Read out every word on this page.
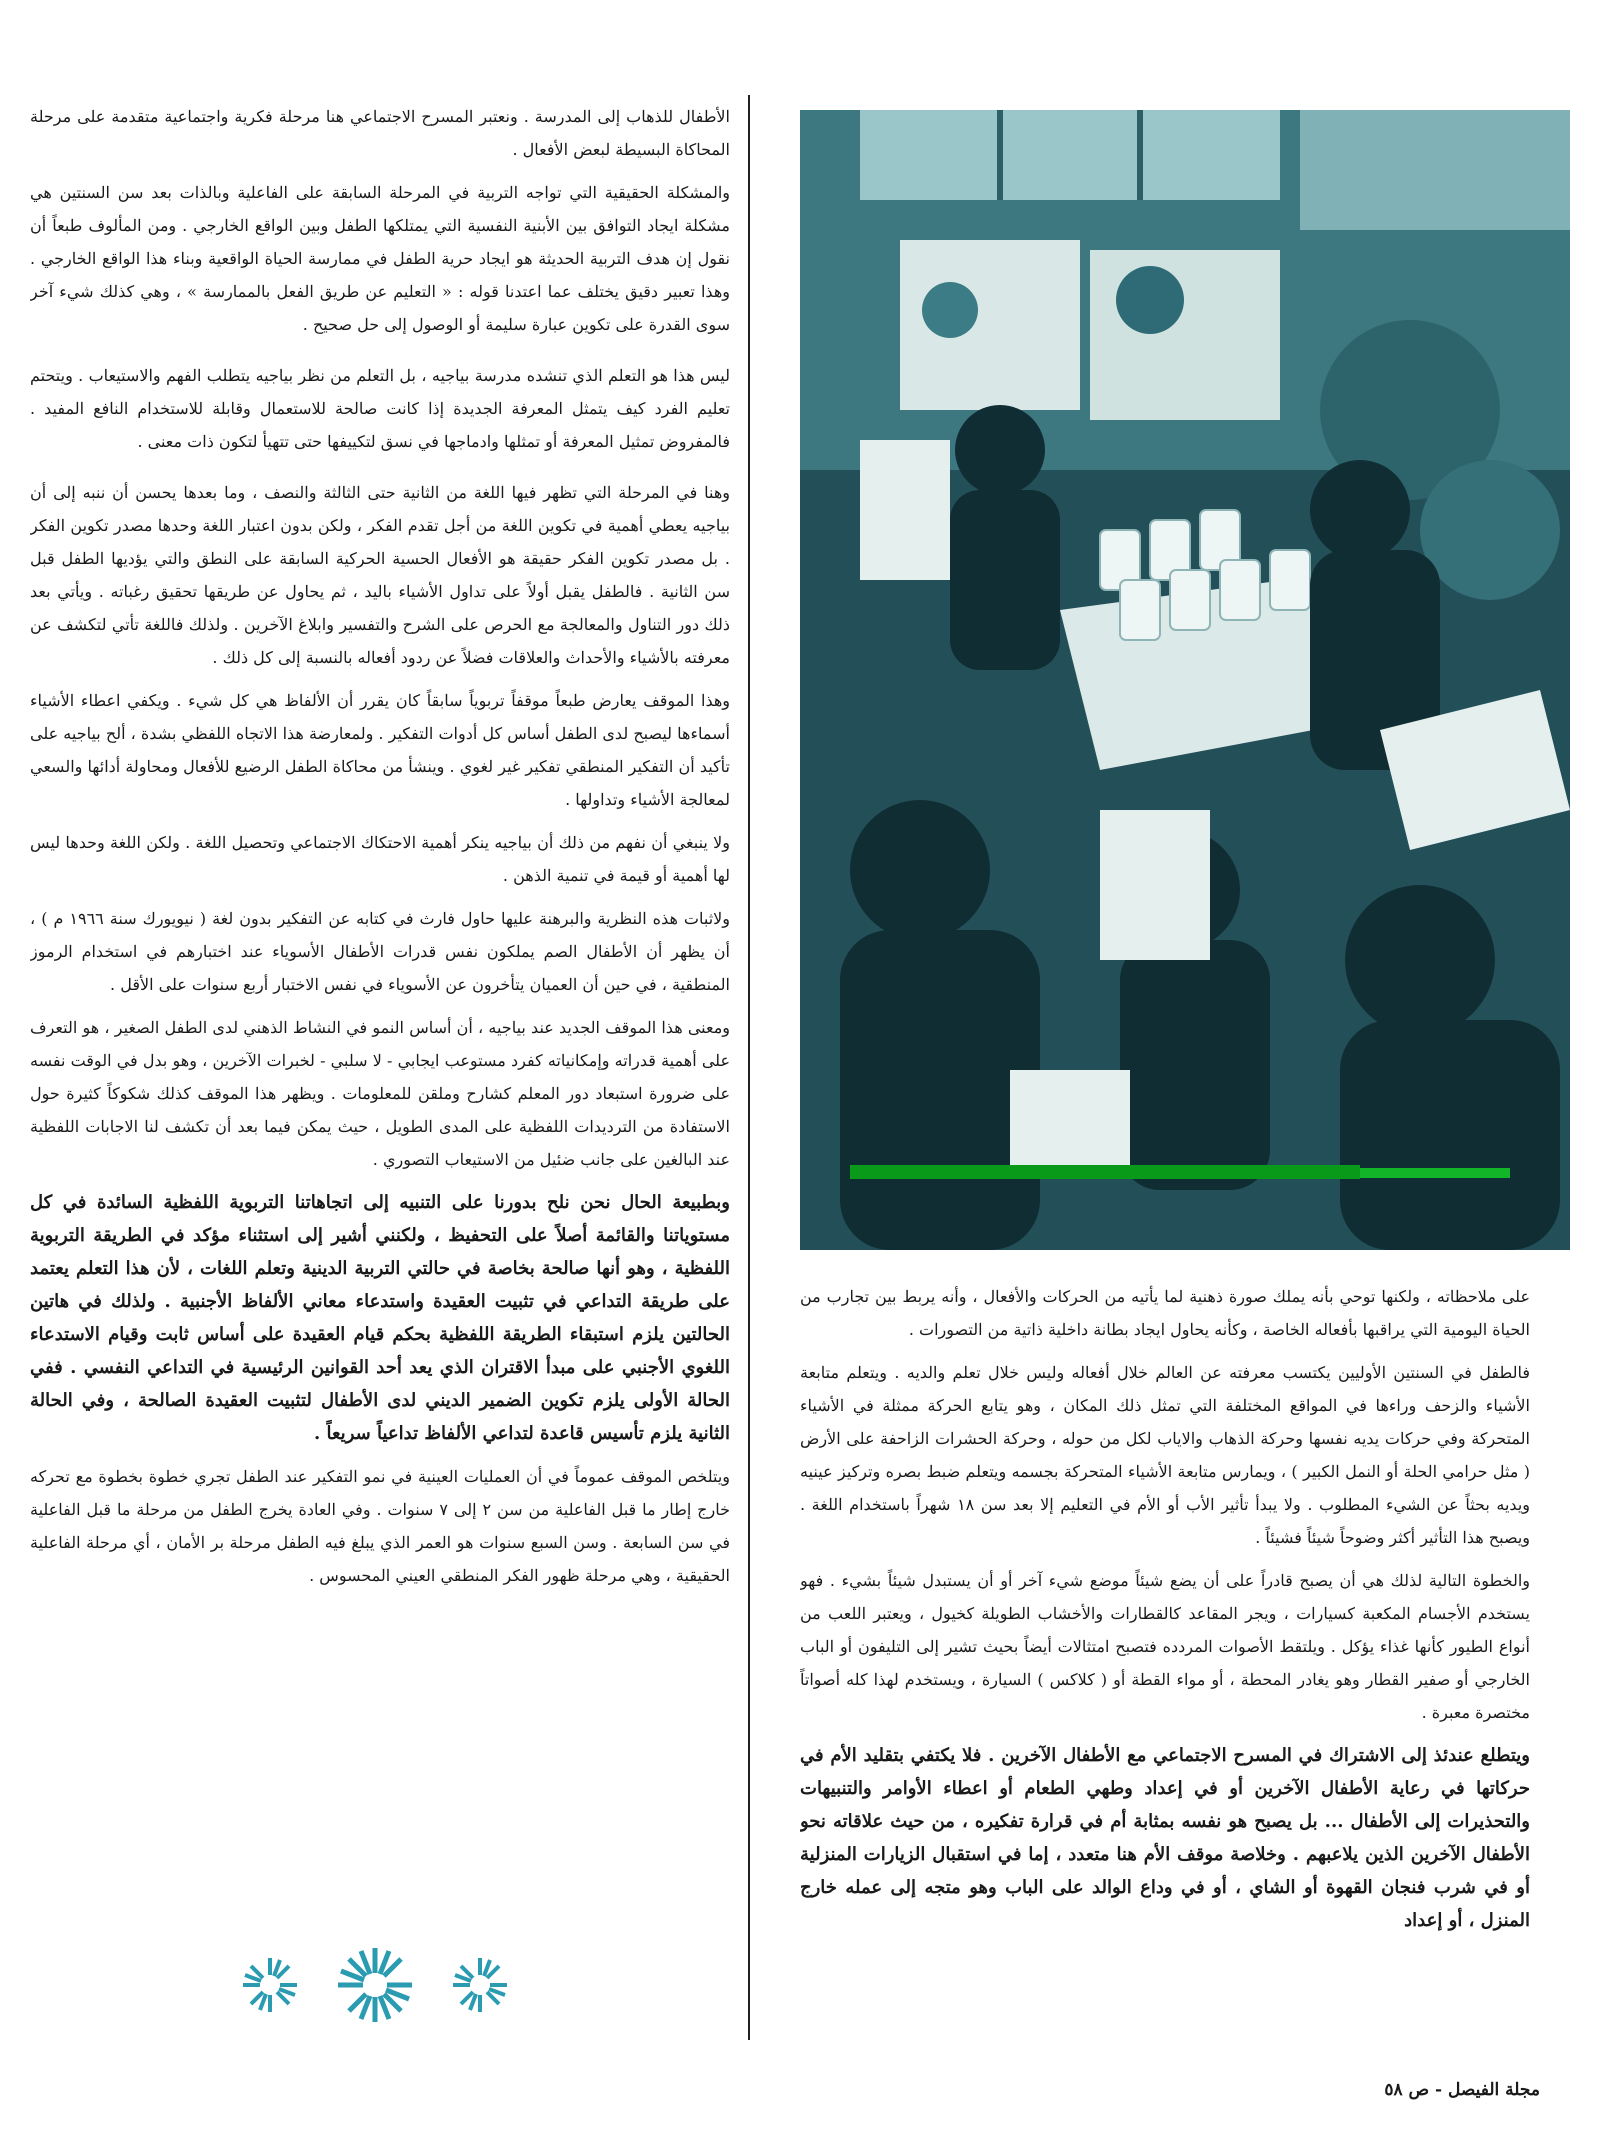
الأطفال للذهاب إلى المدرسة . ونعتبر المسرح الاجتماعي هنا مرحلة فكرية واجتماعية متقدمة على مرحلة المحاكاة البسيطة لبعض الأفعال .

والمشكلة الحقيقية التي تواجه التربية في المرحلة السابقة على الفاعلية وبالذات بعد سن السنتين هي مشكلة ايجاد التوافق بين الأبنية النفسية التي يمتلكها الطفل وبين الواقع الخارجي . ومن المألوف طبعاً أن نقول إن هدف التربية الحديثة هو ايجاد حرية الطفل في ممارسة الحياة الواقعية وبناء هذا الواقع الخارجي . وهذا تعبير دقيق يختلف عما اعتدنا قوله : « التعليم عن طريق الفعل بالممارسة » ، وهي كذلك شيء آخر سوى القدرة على تكوين عبارة سليمة أو الوصول إلى حل صحيح .

ليس هذا هو التعلم الذي تنشده مدرسة بياجيه ، بل التعلم من نظر بياجيه يتطلب الفهم والاستيعاب . ويتحتم تعليم الفرد كيف يتمثل المعرفة الجديدة إذا كانت صالحة للاستعمال وقابلة للاستخدام النافع المفيد . فالمفروض تمثيل المعرفة أو تمثلها وادماجها في نسق لتكييفها حتى تتهيأ لتكون ذات معنى .

وهنا في المرحلة التي تظهر فيها اللغة من الثانية حتى الثالثة والنصف ، وما بعدها يحسن أن ننبه إلى أن بياجيه يعطي أهمية في تكوين اللغة من أجل تقدم الفكر ، ولكن بدون اعتبار اللغة وحدها مصدر تكوين الفكر . بل مصدر تكوين الفكر حقيقة هو الأفعال الحسية الحركية السابقة على النطق والتي يؤديها الطفل قبل سن الثانية . فالطفل يقبل أولاً على تداول الأشياء باليد ، ثم يحاول عن طريقها تحقيق رغباته . ويأتي بعد ذلك دور التناول والمعالجة مع الحرص على الشرح والتفسير وابلاغ الآخرين . ولذلك فاللغة تأتي لتكشف عن معرفته بالأشياء والأحداث والعلاقات فضلاً عن ردود أفعاله بالنسبة إلى كل ذلك .

وهذا الموقف يعارض طبعاً موقفاً تربوياً سابقاً كان يقرر أن الألفاظ هي كل شيء . ويكفي اعطاء الأشياء أسماءها ليصبح لدى الطفل أساس كل أدوات التفكير . ولمعارضة هذا الاتجاه اللفظي بشدة ، ألح بياجيه على تأكيد أن التفكير المنطقي تفكير غير لغوي . وينشأ من محاكاة الطفل الرضيع للأفعال ومحاولة أدائها والسعي لمعالجة الأشياء وتداولها .

ولا ينبغي أن نفهم من ذلك أن بياجيه ينكر أهمية الاحتكاك الاجتماعي وتحصيل اللغة . ولكن اللغة وحدها ليس لها أهمية أو قيمة في تنمية الذهن .

ولاثبات هذه النظرية والبرهنة عليها حاول فارث في كتابه عن التفكير بدون لغة ( نيويورك سنة ١٩٦٦ م ) ، أن يظهر أن الأطفال الصم يملكون نفس قدرات الأطفال الأسوياء عند اختبارهم في استخدام الرموز المنطقية ، في حين أن العميان يتأخرون عن الأسوياء في نفس الاختبار أربع سنوات على الأقل .

ومعنى هذا الموقف الجديد عند بياجيه ، أن أساس النمو في النشاط الذهني لدى الطفل الصغير ، هو التعرف على أهمية قدراته وإمكانياته كفرد مستوعب ايجابي - لا سلبي - لخبرات الآخرين ، وهو بدل في الوقت نفسه على ضرورة استبعاد دور المعلم كشارح وملقن للمعلومات . ويظهر هذا الموقف كذلك شكوكاً كثيرة حول الاستفادة من الترديدات اللفظية على المدى الطويل ، حيث يمكن فيما بعد أن تكشف لنا الاجابات اللفظية عند البالغين على جانب ضئيل من الاستيعاب التصوري .

وبطبيعة الحال نحن نلح بدورنا على التنبيه إلى اتجاهاتنا التربوية اللفظية السائدة في كل مستوياتنا والقائمة أصلاً على التحفيظ ، ولكنني أشير إلى استثناء مؤكد في الطريقة التربوية اللفظية ، وهو أنها صالحة بخاصة في حالتي التربية الدينية وتعلم اللغات ، لأن هذا التعلم يعتمد على طريقة التداعي في تثبيت العقيدة واستدعاء معاني الألفاظ الأجنبية . ولذلك في هاتين الحالتين يلزم استبقاء الطريقة اللفظية بحكم قيام العقيدة على أساس ثابت وقيام الاستدعاء اللغوي الأجنبي على مبدأ الاقتران الذي يعد أحد القوانين الرئيسية في التداعي النفسي . ففي الحالة الأولى يلزم تكوين الضمير الديني لدى الأطفال لتثبيت العقيدة الصالحة ، وفي الحالة الثانية يلزم تأسيس قاعدة لتداعي الألفاظ تداعياً سريعاً .

ويتلخص الموقف عموماً في أن العمليات العينية في نمو التفكير عند الطفل تجري خطوة بخطوة مع تحركه خارج إطار ما قبل الفاعلية من سن ٢ إلى ٧ سنوات . وفي العادة يخرج الطفل من مرحلة ما قبل الفاعلية في سن السابعة . وسن السبع سنوات هو العمر الذي يبلغ فيه الطفل مرحلة بر الأمان ، أي مرحلة الفاعلية الحقيقية ، وهي مرحلة ظهور الفكر المنطقي العيني المحسوس .

على ملاحظاته ، ولكنها توحي بأنه يملك صورة ذهنية لما يأتيه من الحركات والأفعال ، وأنه يربط بين تجارب من الحياة اليومية التي يراقبها بأفعاله الخاصة ، وكأنه يحاول ايجاد بطانة داخلية ذاتية من التصورات .

فالطفل في السنتين الأوليين يكتسب معرفته عن العالم خلال أفعاله وليس خلال تعلم والديه . ويتعلم متابعة الأشياء والزحف وراءها في المواقع المختلفة التي تمثل ذلك المكان ، وهو يتابع الحركة ممثلة في الأشياء المتحركة وفي حركات يديه نفسها وحركة الذهاب والاياب لكل من حوله ، وحركة الحشرات الزاحفة على الأرض ( مثل حرامي الحلة أو النمل الكبير ) ، ويمارس متابعة الأشياء المتحركة بجسمه ويتعلم ضبط بصره وتركيز عينيه ويديه بحثاً عن الشيء المطلوب . ولا يبدأ تأثير الأب أو الأم في التعليم إلا بعد سن ١٨ شهراً باستخدام اللغة . ويصبح هذا التأثير أكثر وضوحاً شيئاً فشيئاً .

والخطوة التالية لذلك هي أن يصبح قادراً على أن يضع شيئاً موضع شيء آخر أو أن يستبدل شيئاً بشيء . فهو يستخدم الأجسام المكعبة كسيارات ، ويجر المقاعد كالقطارات والأخشاب الطويلة كخيول ، ويعتبر اللعب من أنواع الطيور كأنها غذاء يؤكل . ويلتقط الأصوات المردده فتصبح امتثالات أيضاً بحيث تشير إلى التليفون أو الباب الخارجي أو صفير القطار وهو يغادر المحطة ، أو مواء القطة أو ( كلاكس ) السيارة ، ويستخدم لهذا كله أصواتاً مختصرة معبرة .

ويتطلع عندئذ إلى الاشتراك في المسرح الاجتماعي مع الأطفال الآخرين . فلا يكتفي بتقليد الأم في حركاتها في رعاية الأطفال الآخرين أو في إعداد وطهي الطعام أو اعطاء الأوامر والتنبيهات والتحذيرات إلى الأطفال ... بل يصبح هو نفسه بمثابة أم في قرارة تفكيره ، من حيث علاقاته نحو الأطفال الآخرين الذين يلاعبهم . وخلاصة موقف الأم هنا متعدد ، إما في استقبال الزيارات المنزلية أو في شرب فنجان القهوة أو الشاي ، أو في وداع الوالد على الباب وهو متجه إلى عمله خارج المنزل ، أو إعداد

مجلة الفيصل - ص ٥٨
